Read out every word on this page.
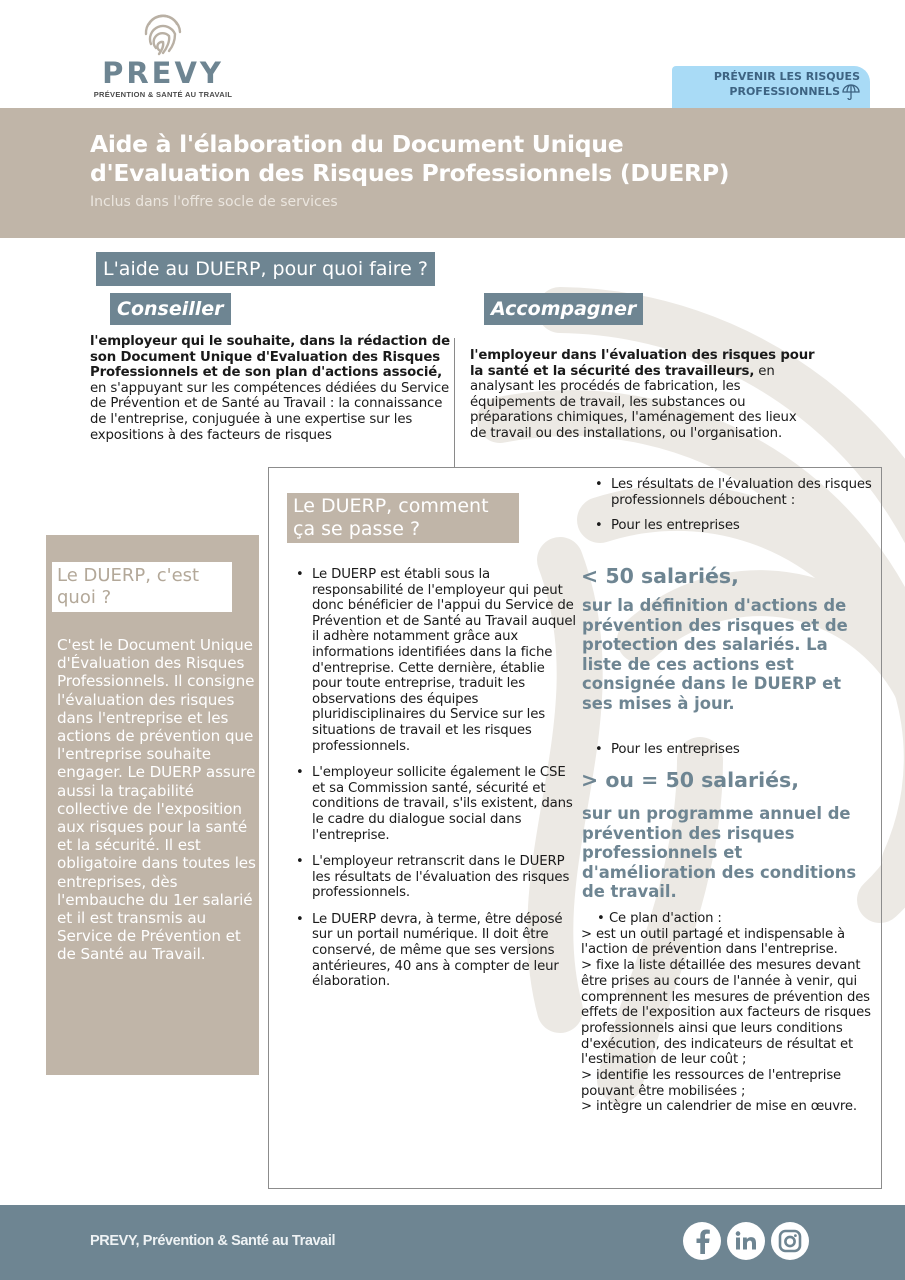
PREVY
PRÉVENTION & SANTÉ AU TRAVAIL
PRÉVENIR LES RISQUES
PROFESSIONNELS
Aide à l'élaboration du Document Unique
d'Evaluation des Risques Professionnels (DUERP)
Inclus dans l'offre socle de services
L'aide au DUERP, pour quoi faire ?
Conseiller	Accompagner
l'employeur qui le souhaite, dans la rédaction de son Document Unique d'Evaluation des Risques Professionnels et de son plan d'actions associé, en s'appuyant sur les compétences dédiées du Service de Prévention et de Santé au Travail : la connaissance de l'entreprise, conjuguée à une expertise sur les expositions à des facteurs de risques
l'employeur dans l'évaluation des risques pour la santé et la sécurité des travailleurs, en analysant les procédés de fabrication, les équipements de travail, les substances ou préparations chimiques, l'aménagement des lieux de travail ou des installations, ou l'organisation.
Le DUERP, c'est quoi ?
C'est le Document Unique d'Évaluation des Risques Professionnels. Il consigne l'évaluation des risques dans l'entreprise et les actions de prévention que l'entreprise souhaite engager. Le DUERP assure aussi la traçabilité collective de l'exposition aux risques pour la santé et la sécurité. Il est obligatoire dans toutes les entreprises, dès l'embauche du 1er salarié et il est transmis au Service de Prévention et de Santé au Travail.
Le DUERP, comment ça se passe ?
• Le DUERP est établi sous la responsabilité de l'employeur qui peut donc bénéficier de l'appui du Service de Prévention et de Santé au Travail auquel il adhère notamment grâce aux informations identifiées dans la fiche d'entreprise. Cette dernière, établie pour toute entreprise, traduit les observations des équipes pluridisciplinaires du Service sur les situations de travail et les risques professionnels.
• L'employeur sollicite également le CSE et sa Commission santé, sécurité et conditions de travail, s'ils existent, dans le cadre du dialogue social dans l'entreprise.
• L'employeur retranscrit dans le DUERP les résultats de l'évaluation des risques professionnels.
• Le DUERP devra, à terme, être déposé sur un portail numérique. Il doit être conservé, de même que ses versions antérieures, 40 ans à compter de leur élaboration.
• Les résultats de l'évaluation des risques professionnels débouchent :
• Pour les entreprises
< 50 salariés,
sur la définition d'actions de prévention des risques et de protection des salariés. La liste de ces actions est consignée dans le DUERP et ses mises à jour.
• Pour les entreprises
> ou = 50 salariés,
sur un programme annuel de prévention des risques professionnels et d'amélioration des conditions de travail.
• Ce plan d'action :
> est un outil partagé et indispensable à l'action de prévention dans l'entreprise.
> fixe la liste détaillée des mesures devant être prises au cours de l'année à venir, qui comprennent les mesures de prévention des effets de l'exposition aux facteurs de risques professionnels ainsi que leurs conditions d'exécution, des indicateurs de résultat et l'estimation de leur coût ;
> identifie les ressources de l'entreprise pouvant être mobilisées ;
> intègre un calendrier de mise en œuvre.
PREVY, Prévention & Santé au Travail
